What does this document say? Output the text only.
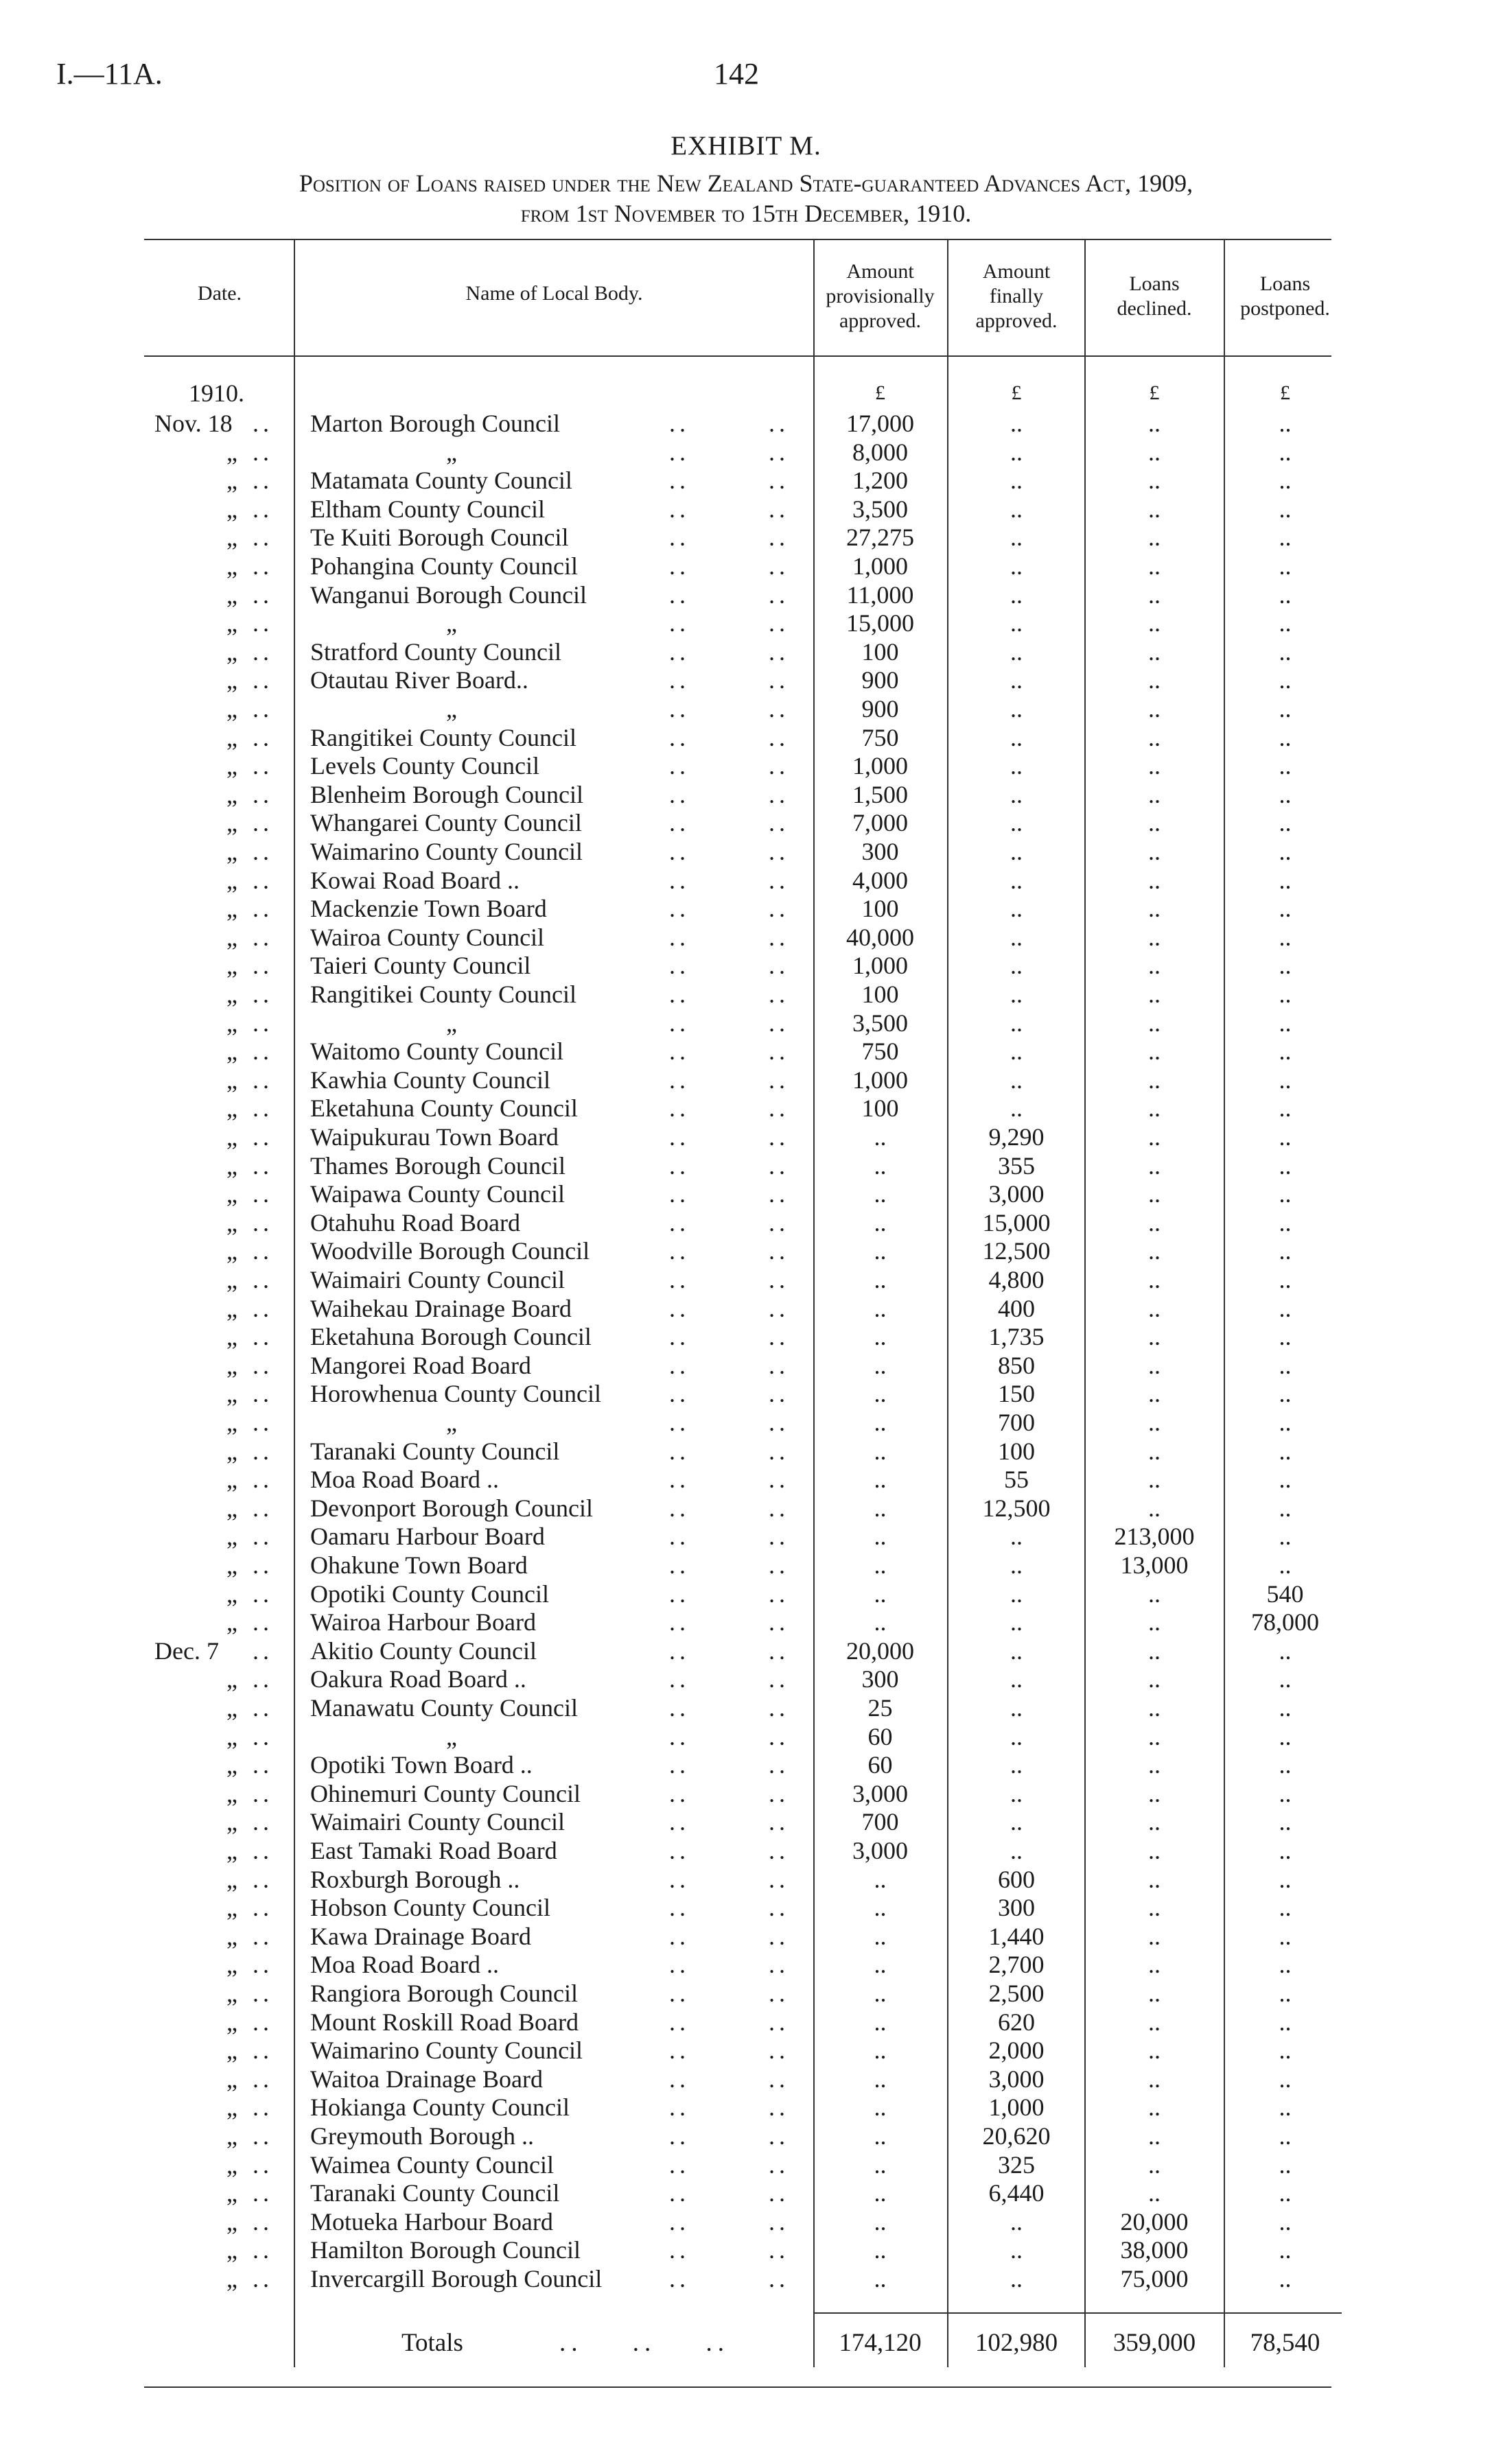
I.—11A.	142
EXHIBIT M.
Position of Loans raised under the New Zealand State-guaranteed Advances Act, 1909,
from 1st November to 15th December, 1910.
Date.	Name of Local Body.
Amount
provisionally
approved.
Amount
finally
approved.
Loans
declined.
Loans
postponed.
1910.	£	£	£	£
Nov. 18 .. Marton Borough Council	..	..	17,000	..	..	..
„ ..	„	..	..	8,000	..	..	..
„ .. Matamata County Council	..	..	1,200	..	..	..
„ .. Eltham County Council	..	..	3,500	..	..	..
„ .. Te Kuiti Borough Council	..	..	27,275	..	..	..
„ .. Pohangina County Council	..	..	1,000	..	..	..
„ .. Wanganui Borough Council	..	..	11,000	..	..	..
„ ..	„	..	..	15,000	..	..	..
„ .. Stratford County Council	..	..	100	..	..	..
„ .. Otautau River Board..	..	..	900	..	..	..
„ ..	„	..	..	900	..	..	..
„ .. Rangitikei County Council	..	..	750	..	..	..
„ .. Levels County Council	..	..	1,000	..	..	..
„ .. Blenheim Borough Council	..	..	1,500	..	..	..
„ .. Whangarei County Council	..	..	7,000	..	..	..
„ .. Waimarino County Council	..	..	300	..	..	..
„ .. Kowai Road Board ..	..	..	4,000	..	..	..
„ .. Mackenzie Town Board	..	..	100	..	..	..
„ .. Wairoa County Council	..	..	40,000	..	..	..
„ .. Taieri County Council	..	..	1,000	..	..	..
„ .. Rangitikei County Council	..	..	100	..	..	..
„ ..	„	..	..	3,500	..	..	..
„ .. Waitomo County Council	..	..	750	..	..	..
„ .. Kawhia County Council	..	..	1,000	..	..	..
„ .. Eketahuna County Council	..	..	100	..	..	..
„ .. Waipukurau Town Board	..	..	..	9,290	..	..
„ .. Thames Borough Council	..	..	..	355	..	..
„ .. Waipawa County Council	..	..	..	3,000	..	..
„ .. Otahuhu Road Board	..	..	..	15,000	..	..
„ .. Woodville Borough Council	..	..	..	12,500	..	..
„ .. Waimairi County Council	..	..	..	4,800	..	..
„ .. Waihekau Drainage Board	..	..	..	400	..	..
„ .. Eketahuna Borough Council	..	..	..	1,735	..	..
„ .. Mangorei Road Board	..	..	..	850	..	..
„ .. Horowhenua County Council	..	..	..	150	..	..
„ ..	„	..	..	..	700	..	..
„ .. Taranaki County Council	..	..	..	100	..	..
„ .. Moa Road Board ..	..	..	..	55	..	..
„ .. Devonport Borough Council	..	..	..	12,500	..	..
„ .. Oamaru Harbour Board	..	..	..	..	213,000	..
„ .. Ohakune Town Board	..	..	..	..	13,000	..
„ .. Opotiki County Council	..	..	..	..	..	540
„ .. Wairoa Harbour Board	..	..	..	..	..	78,000
Dec. 7 .. Akitio County Council	..	..	20,000	..	..	..
„ .. Oakura Road Board ..	..	..	300	..	..	..
„ .. Manawatu County Council	..	..	25	..	..	..
„ ..	„	..	..	60	..	..	..
„ .. Opotiki Town Board ..	..	..	60	..	..	..
„ .. Ohinemuri County Council	..	..	3,000	..	..	..
„ .. Waimairi County Council	..	..	700	..	..	..
„ .. East Tamaki Road Board	..	..	3,000	..	..	..
„ .. Roxburgh Borough ..	..	..	..	600	..	..
„ .. Hobson County Council	..	..	..	300	..	..
„ .. Kawa Drainage Board	..	..	..	1,440	..	..
„ .. Moa Road Board ..	..	..	..	2,700	..	..
„ .. Rangiora Borough Council	..	..	..	2,500	..	..
„ .. Mount Roskill Road Board	..	..	..	620	..	..
„ .. Waimarino County Council	..	..	..	2,000	..	..
„ .. Waitoa Drainage Board	..	..	..	3,000	..	..
„ .. Hokianga County Council	..	..	..	1,000	..	..
„ .. Greymouth Borough ..	..	..	..	20,620	..	..
„ .. Waimea County Council	..	..	..	325	..	..
„ .. Taranaki County Council	..	..	..	6,440	..	..
„ .. Motueka Harbour Board	..	..	..	..	20,000	..
„ .. Hamilton Borough Council	..	..	..	..	38,000	..
„ .. Invercargill Borough Council	..	..	..	..	75,000	..
Totals	.. .. ..	174,120	102,980	359,000	78,540
